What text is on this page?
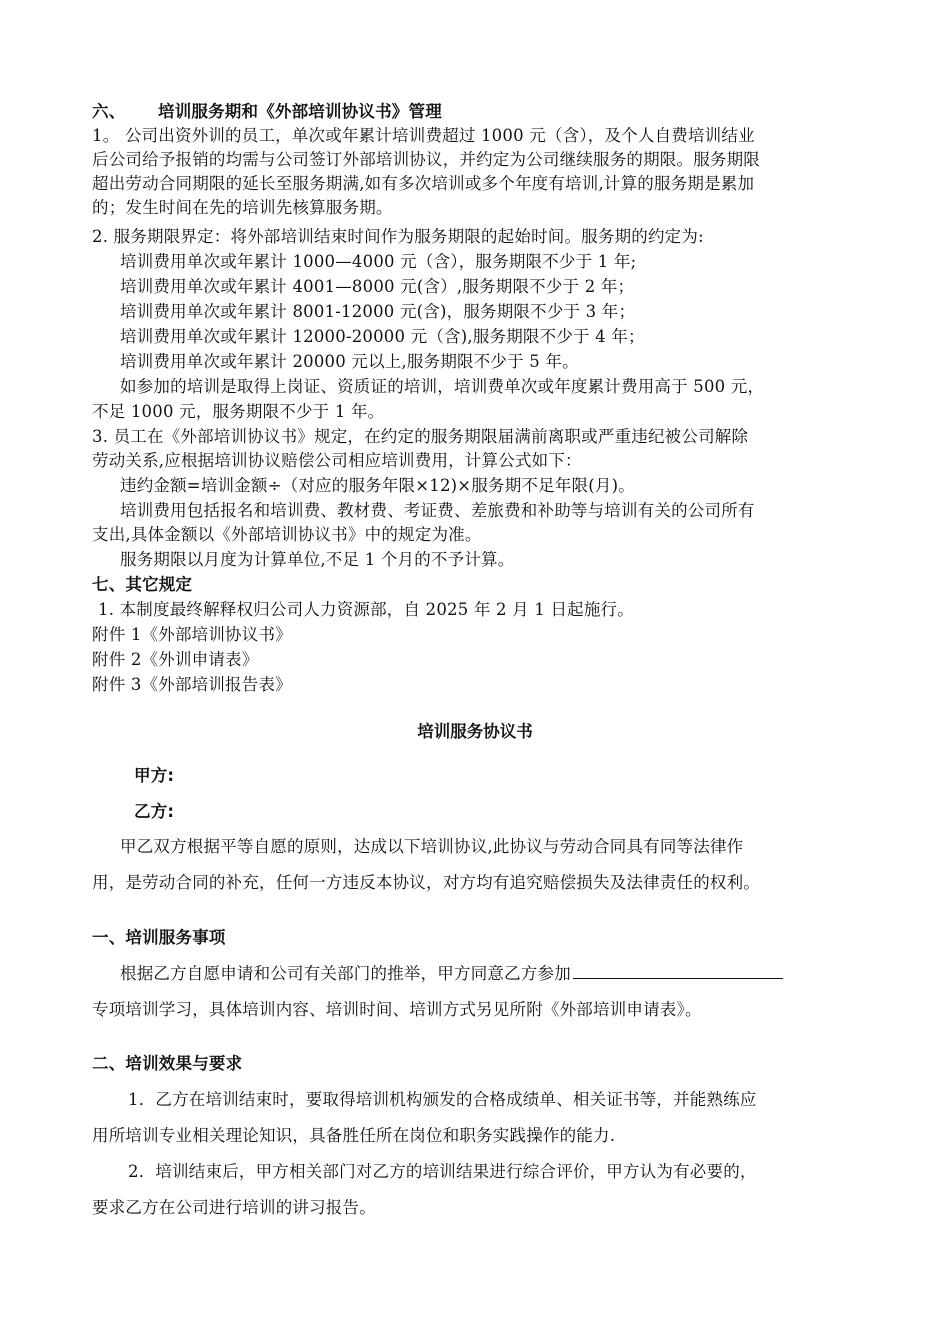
六、 培训服务期和《外部培训协议书》管理
1。 公司出资外训的员工，单次或年累计培训费超过 1000 元（含），及个人自费培训结业
后公司给予报销的均需与公司签订外部培训协议，并约定为公司继续服务的期限。服务期限
超出劳动合同期限的延长至服务期满,如有多次培训或多个年度有培训,计算的服务期是累加
的；发生时间在先的培训先核算服务期。
2. 服务期限界定：将外部培训结束时间作为服务期限的起始时间。服务期的约定为:
培训费用单次或年累计 1000—4000 元（含），服务期限不少于 1 年;
培训费用单次或年累计 4001—8000 元(含）,服务期限不少于 2 年；
培训费用单次或年累计 8001-12000 元(含)，服务期限不少于 3 年；
培训费用单次或年累计 12000-20000 元（含),服务期限不少于 4 年；
培训费用单次或年累计 20000 元以上,服务期限不少于 5 年。
如参加的培训是取得上岗证、资质证的培训，培训费单次或年度累计费用高于 500 元，
不足 1000 元，服务期限不少于 1 年。
3. 员工在《外部培训协议书》规定，在约定的服务期限届满前离职或严重违纪被公司解除
劳动关系,应根据培训协议赔偿公司相应培训费用，计算公式如下：
违约金额=培训金额÷（对应的服务年限×12)×服务期不足年限(月)。
培训费用包括报名和培训费、教材费、考证费、差旅费和补助等与培训有关的公司所有
支出,具体金额以《外部培训协议书》中的规定为准。
服务期限以月度为计算单位,不足 1 个月的不予计算。
七、其它规定
1. 本制度最终解释权归公司人力资源部，自 2025 年 2 月 1 日起施行。
附件 1《外部培训协议书》
附件 2《外训申请表》
附件 3《外部培训报告表》
培训服务协议书
甲方:
乙方:
甲乙双方根据平等自愿的原则，达成以下培训协议,此协议与劳动合同具有同等法律作
用，是劳动合同的补充，任何一方违反本协议，对方均有追究赔偿损失及法律责任的权利。
一、培训服务事项
根据乙方自愿申请和公司有关部门的推举，甲方同意乙方参加
专项培训学习，具体培训内容、培训时间、培训方式另见所附《外部培训申请表》。
二、培训效果与要求
1．乙方在培训结束时，要取得培训机构颁发的合格成绩单、相关证书等，并能熟练应
用所培训专业相关理论知识，具备胜任所在岗位和职务实践操作的能力.
2．培训结束后，甲方相关部门对乙方的培训结果进行综合评价，甲方认为有必要的，
要求乙方在公司进行培训的讲习报告。
